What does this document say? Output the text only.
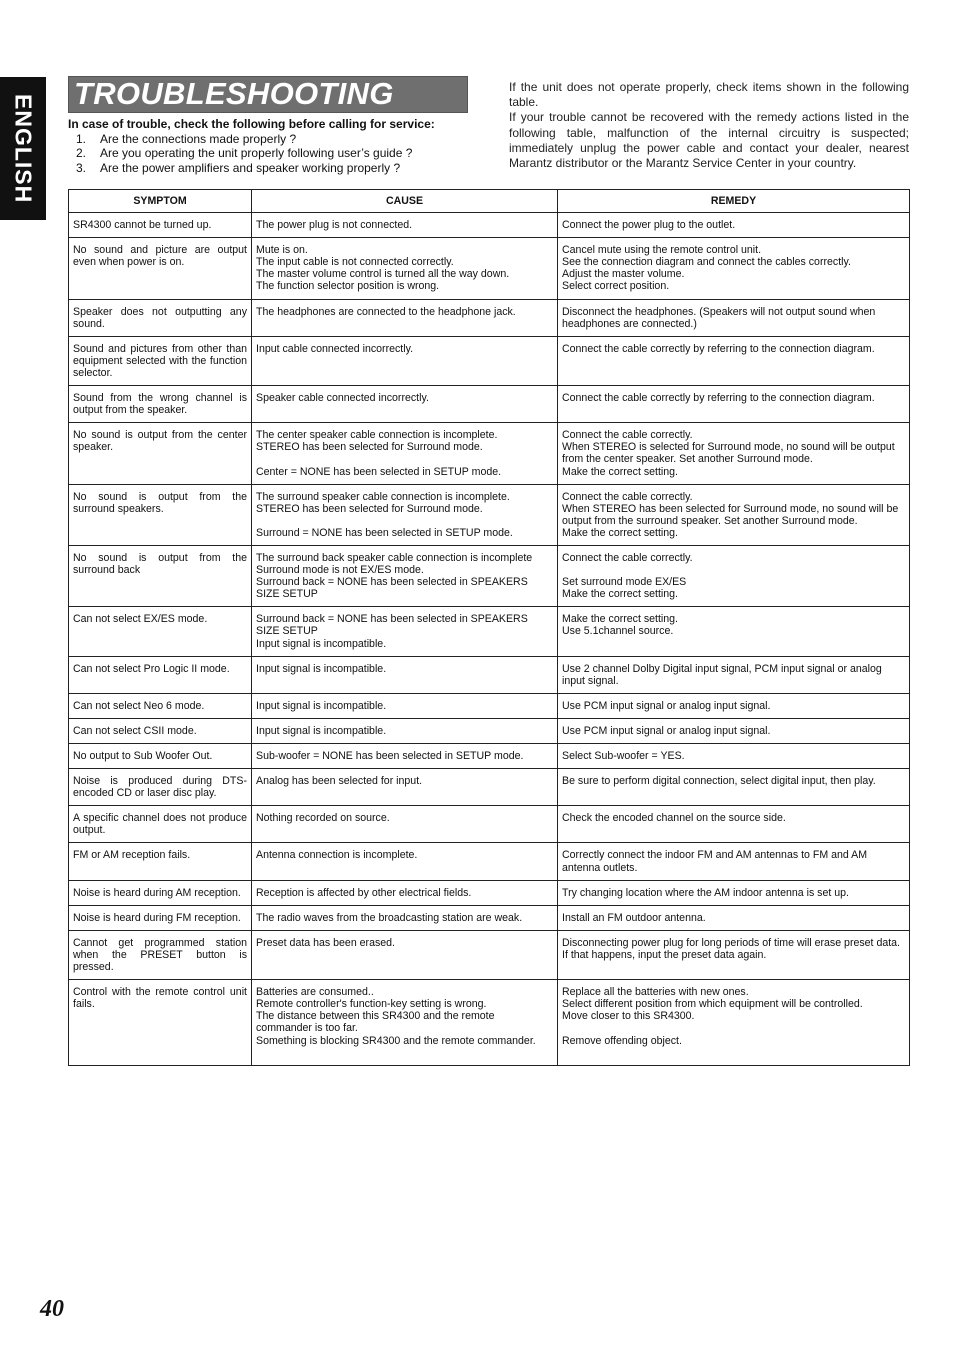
ENGLISH
TROUBLESHOOTING
In case of trouble, check the following before calling for service:
1.	Are the connections made properly ?
2.	Are you operating the unit properly following user’s guide ?
3.	Are the power amplifiers and speaker working properly ?

If the unit does not operate properly, check items shown in the following table.

If your trouble cannot be recovered with the remedy actions listed in the following table, malfunction of the internal circuitry is suspected; immediately unplug the power cable and contact your dealer, nearest Marantz distributor or the Marantz Service Center in your country.

SYMPTOM	CAUSE	REMEDY
SR4300 cannot be turned up.	The power plug is not connected.	Connect the power plug to the outlet.

No sound and picture are output even when power is on.	Mute is on.
The input cable is not connected correctly.
The master volume control is turned all the way down.
The function selector position is wrong.	Cancel mute using the remote control unit.
See the connection diagram and connect the cables correctly.
Adjust the master volume.
Select correct position.

Speaker does not outputting any sound.	The headphones are connected to the headphone jack.	Disconnect the headphones. (Speakers will not output sound when headphones are connected.)

Sound and pictures from other than equipment selected with the function selector.	Input cable connected incorrectly.	Connect the cable correctly by referring to the connection diagram.

Sound from the wrong channel is output from the speaker.	Speaker cable connected incorrectly.	Connect the cable correctly by referring to the connection diagram.

No sound is output from the center speaker.	The center speaker cable connection is incomplete.
STEREO has been selected for Surround mode.

Center = NONE has been selected in SETUP mode.	Connect the cable correctly.
When STEREO is selected for Surround mode, no sound will be output from the center speaker. Set another Surround mode.
Make the correct setting.

No sound is output from the surround speakers.	The surround speaker cable connection is incomplete.
STEREO has been selected for Surround mode.

Surround = NONE has been selected in SETUP mode.	Connect the cable correctly.
When STEREO has been selected for Surround mode, no sound will be output from the surround speaker. Set another Surround mode.
Make the correct setting.

No sound is output from the surround back	The surround back speaker cable connection is incomplete
Surround mode is not EX/ES mode.
Surround back = NONE has been selected in SPEAKERS SIZE SETUP	Connect the cable correctly.

Set surround mode EX/ES
Make the correct setting.

Can not select EX/ES mode.	Surround back = NONE has been selected in SPEAKERS SIZE SETUP
Input signal is incompatible.	Make the correct setting.
Use 5.1channel source.

Can not select Pro Logic II mode.	Input signal is incompatible.	Use 2 channel Dolby Digital input signal, PCM input signal or analog input signal.

Can not select Neo 6 mode.	Input signal is incompatible.	Use PCM input signal or analog input signal.

Can not select CSII mode.	Input signal is incompatible.	Use PCM input signal or analog input signal.

No output to Sub Woofer Out.	Sub-woofer = NONE has been selected in SETUP mode.	Select Sub-woofer = YES.

Noise is produced during DTS-encoded CD or laser disc play.	Analog has been selected for input.	Be sure to perform digital connection, select digital input, then play.

A specific channel does not produce output.	Nothing recorded on source.	Check the encoded channel on the source side.

FM or AM reception fails.	Antenna connection is incomplete.	Correctly connect the indoor FM and AM antennas to FM and AM antenna outlets.

Noise is heard during AM reception.	Reception is affected by other electrical fields.	Try changing location where the AM indoor antenna is set up.

Noise is heard during FM reception.	The radio waves from the broadcasting station are weak.	Install an FM outdoor antenna.

Cannot get programmed station when the PRESET button is pressed.	Preset data has been erased.	Disconnecting power plug for long periods of time will erase preset data. If that happens, input the preset data again.

Control with the remote control unit fails.	Batteries are consumed..
Remote controller's function-key setting is wrong.
The distance between this SR4300 and the remote commander is too far.
Something is blocking SR4300 and the remote commander.	Replace all the batteries with new ones.
Select different position from which equipment will be controlled.
Move closer to this SR4300.

Remove offending object.
40
